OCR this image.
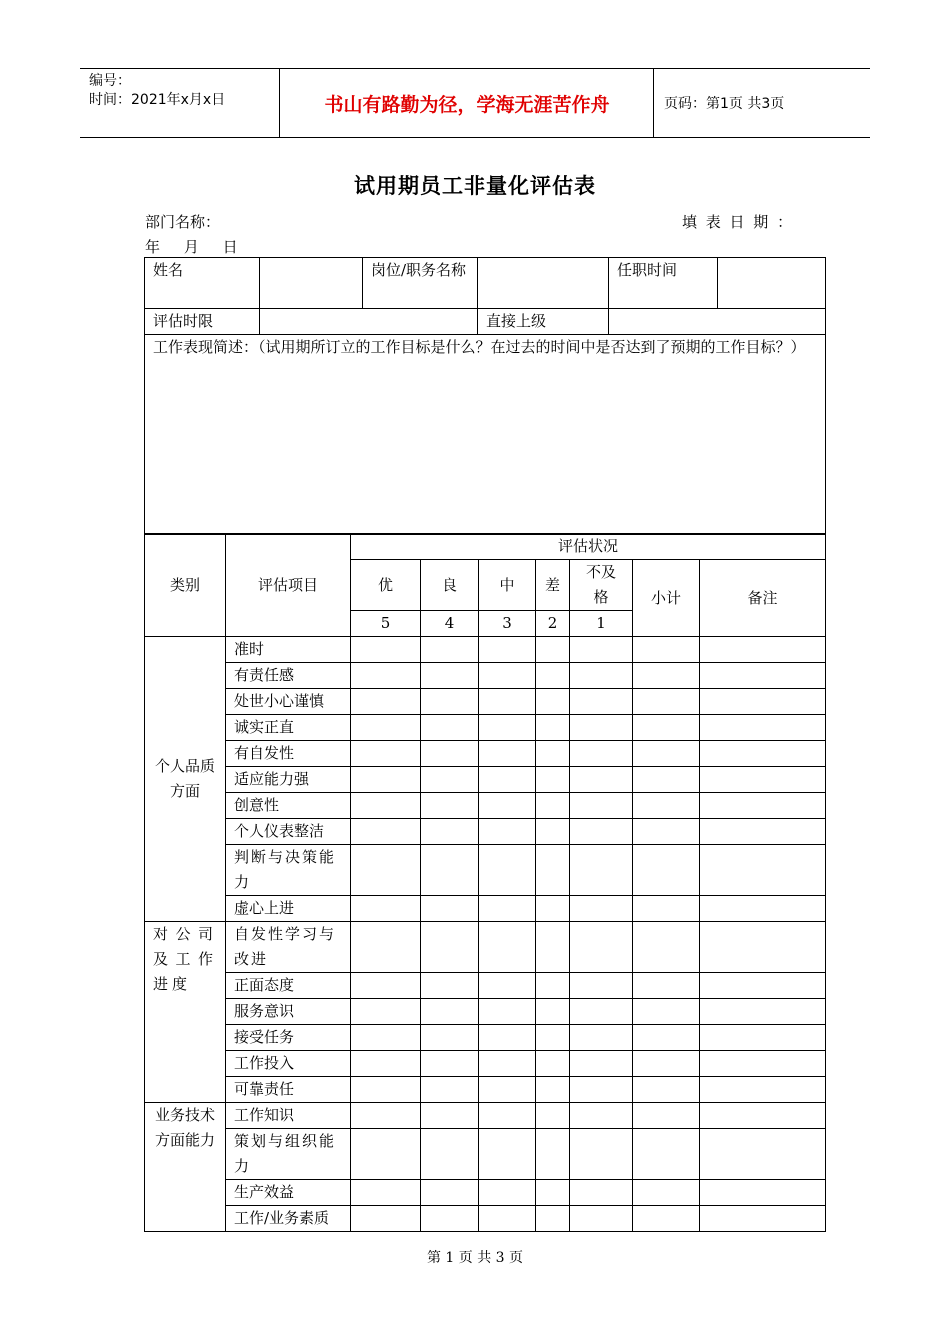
编号：
时间：2021年x月x日	书山有路勤为径，学海无涯苦作舟	页码：第1页 共3页
试用期员工非量化评估表
部门名称：	填 表 日 期 ：
年     月     日
姓名		岗位/职务名称		任职时间	
评估时限			直接上级		
工作表现简述：（试用期所订立的工作目标是什么？在过去的时间中是否达到了预期的工作目标？）					
类别	评估项目	评估状况						
		优	良	中	差	不及格	小计	备注
		5	4	3	2	1		
个人品质方面	准时							
	有责任感							
	处世小心谨慎							
	诚实正直							
	有自发性							
	适应能力强							
	创意性							
	个人仪表整洁							
	判断与决策能力							
	虚心上进							
对公司及工作进度	自发性学习与改进							
	正面态度							
	服务意识							
	接受任务							
	工作投入							
	可靠责任							
业务技术方面能力	工作知识							
	策划与组织能力							
	生产效益							
	工作/业务素质							
第 1 页 共 3 页
